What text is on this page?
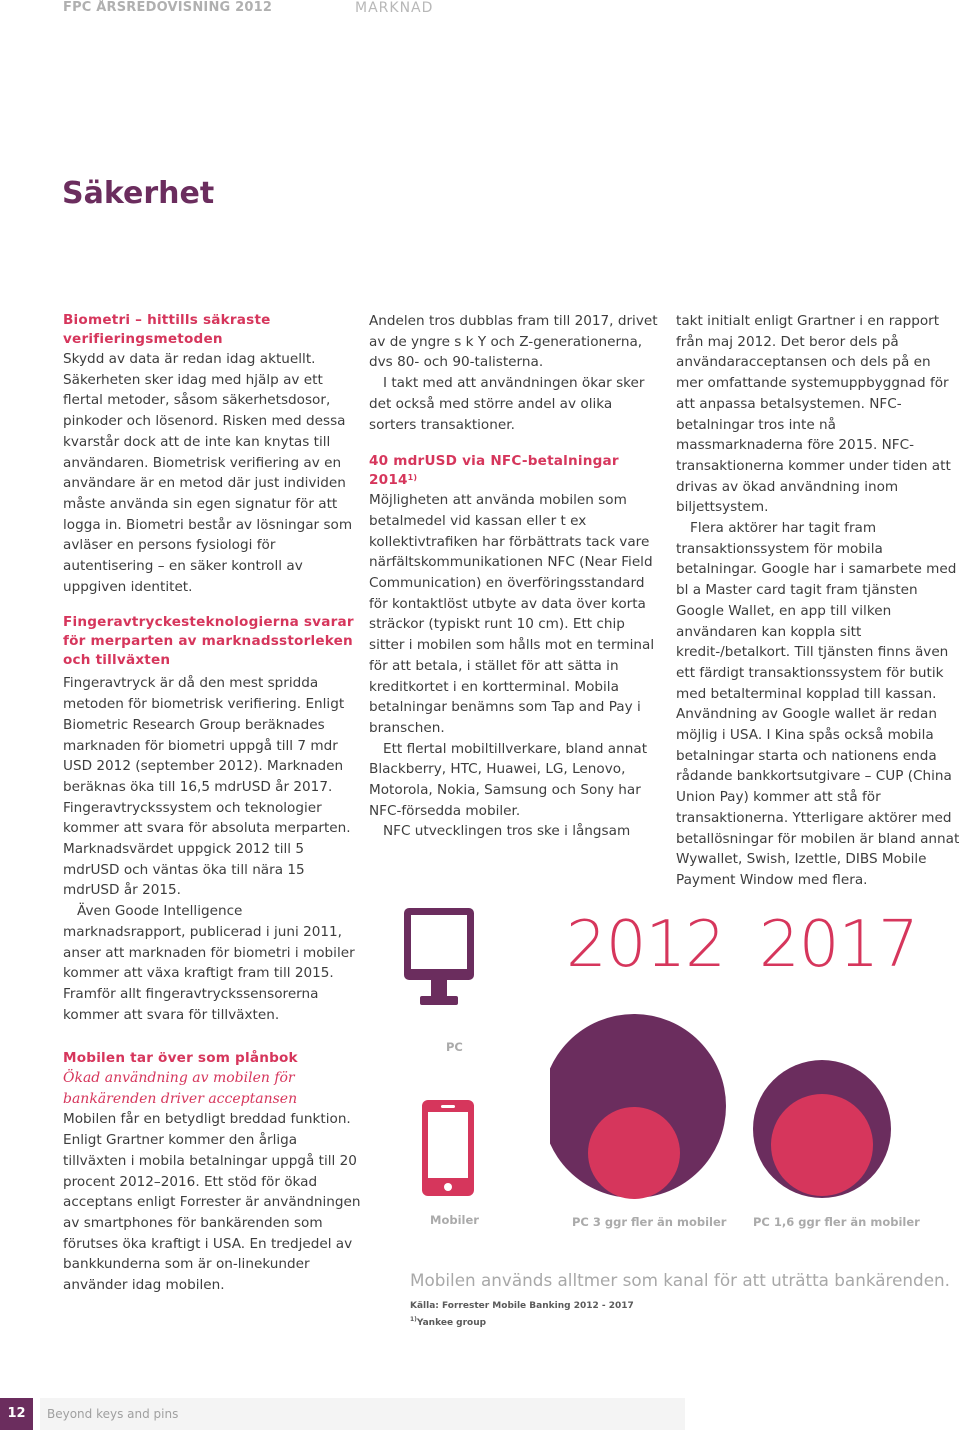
FPC ÅRSREDOVISNING 2012	MARKNAD
Säkerhet
Biometri – hittills säkraste verifieringsmetoden

Skydd av data är redan idag aktuellt. Säkerheten sker idag med hjälp av ett flertal metoder, såsom säkerhetsdosor, pinkoder och lösenord. Risken med dessa kvarstår dock att de inte kan knytas till användaren. Biometrisk verifiering av en användare är en metod där just individen måste använda sin egen signatur för att logga in. Biometri består av lösningar som avläser en persons fysiologi för autentisering – en säker kontroll av uppgiven identitet.

Fingeravtryckesteknologierna svarar för merparten av marknadsstorleken och tillväxten

Fingeravtryck är då den mest spridda metoden för biometrisk verifiering. Enligt Biometric Research Group beräknades marknaden för biometri uppgå till 7 mdr USD 2012 (september 2012). Marknaden beräknas öka till 16,5 mdrUSD år 2017. Fingeravtryckssystem och teknologier kommer att svara för absoluta merparten. Marknadsvärdet uppgick 2012 till 5 mdrUSD och väntas öka till nära 15 mdrUSD år 2015.

Även Goode Intelligence marknadsrapport, publicerad i juni 2011, anser att marknaden för biometri i mobiler kommer att växa kraftigt fram till 2015. Framför allt fingeravtryckssensorerna kommer att svara för tillväxten.

Mobilen tar över som plånbok
Ökad användning av mobilen för bankärenden driver acceptansen

Mobilen får en betydligt breddad funktion. Enligt Grartner kommer den årliga tillväxten i mobila betalningar uppgå till 20 procent 2012–2016. Ett stöd för ökad acceptans enligt Forrester är användningen av smartphones för bankärenden som förutses öka kraftigt i USA. En tredjedel av bankkunderna som är on-linekunder använder idag mobilen.

Andelen tros dubblas fram till 2017, drivet av de yngre s k Y och Z-generationerna, dvs 80- och 90-talisterna.

I takt med att användningen ökar sker det också med större andel av olika sorters transaktioner.

40 mdrUSD via NFC-betalningar 2014$^{1)}$

Möjligheten att använda mobilen som betalmedel vid kassan eller t ex kollektivtrafiken har förbättrats tack vare närfältskommunikationen NFC (Near Field Communication) en överföringsstandard för kontaktlöst utbyte av data över korta sträckor (typiskt runt 10 cm). Ett chip sitter i mobilen som hålls mot en terminal för att betala, i stället för att sätta in kreditkortet i en kortterminal. Mobila betalningar benämns som Tap and Pay i branschen.

Ett flertal mobiltillverkare, bland annat Blackberry, HTC, Huawei, LG, Lenovo, Motorola, Nokia, Samsung och Sony har NFC-försedda mobiler.

NFC utvecklingen tros ske i långsam

takt initialt enligt Grartner i en rapport från maj 2012. Det beror dels på användaracceptansen och dels på en mer omfattande systemuppbyggnad för att anpassa betalsystemen. NFC-betalningar tros inte nå massmarknaderna före 2015. NFC-transaktionerna kommer under tiden att drivas av ökad användning inom biljettsystem.

Flera aktörer har tagit fram transaktionssystem för mobila betalningar. Google har i samarbete med bl a Master card tagit fram tjänsten Google Wallet, en app till vilken användaren kan koppla sitt kredit-/betalkort. Till tjänsten finns även ett färdigt transaktionssystem för butik med betalterminal kopplad till kassan. Användning av Google wallet är redan möjlig i USA. I Kina spås också mobila betalningar starta och nationens enda rådande bankkortsutgivare – CUP (China Union Pay) kommer att stå för transaktionerna. Ytterligare aktörer med betallösningar för mobilen är bland annat Wywallet, Swish, Izettle, DIBS Mobile Payment Window med flera.

PC
Mobiler
2012 2017
PC 3 ggr fler än mobiler PC 1,6 ggr fler än mobiler
Mobilen används alltmer som kanal för att uträtta bankärenden.
Källa: Forrester Mobile Banking 2012 - 2017
$^{1)}$Yankee group
12	Beyond keys and pins
